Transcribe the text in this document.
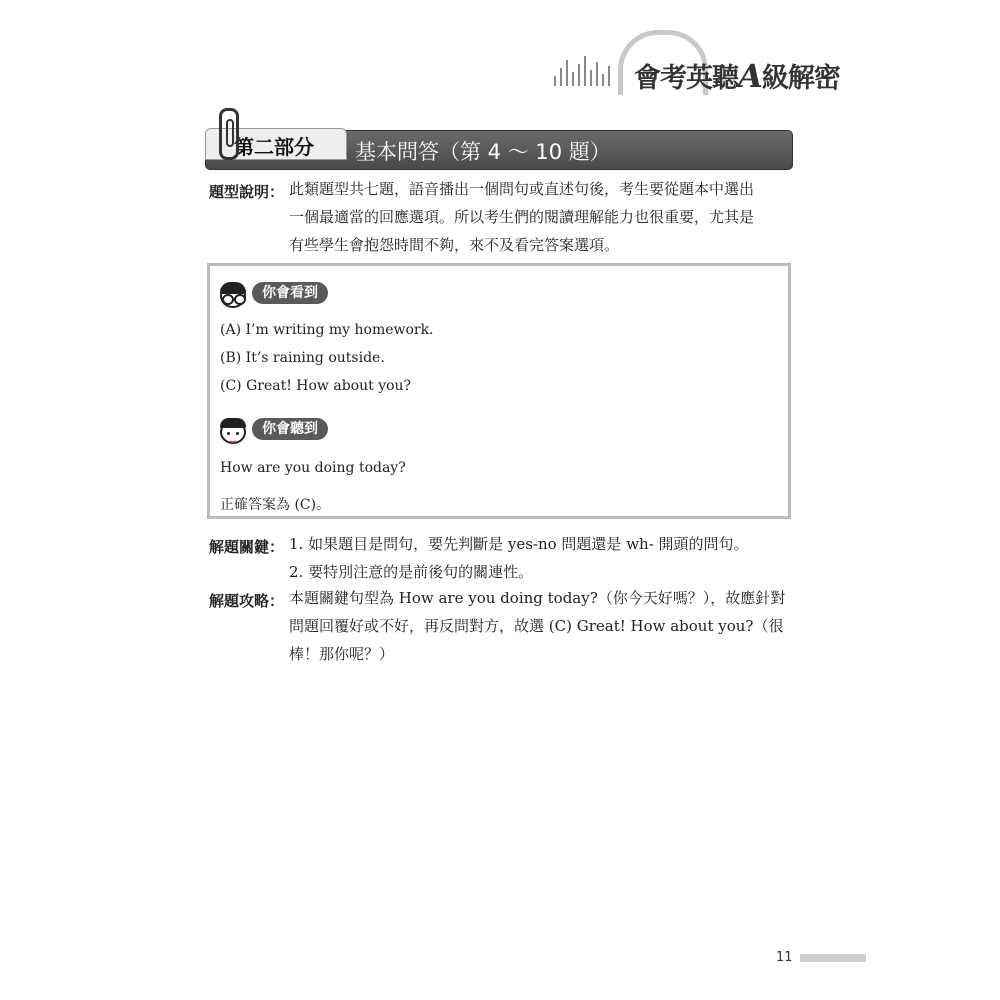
會考英聽A級解密
第二部分 基本問答（第 4 ～ 10 題）
題型說明： 此類題型共七題，語音播出一個問句或直述句後，考生要從題本中選出
一個最適當的回應選項。所以考生們的閱讀理解能力也很重要，尤其是
有些學生會抱怨時間不夠，來不及看完答案選項。
你會看到
(A) I’m writing my homework.
(B) It’s raining outside.
(C) Great! How about you?
你會聽到
How are you doing today?
正確答案為 (C)。
解題關鍵： 1. 如果題目是問句，要先判斷是 yes-no 問題還是 wh- 開頭的問句。
2. 要特別注意的是前後句的關連性。
解題攻略： 本題關鍵句型為 How are you doing today?（你今天好嗎？），故應針對
問題回覆好或不好，再反問對方，故選 (C) Great! How about you?（很
棒！那你呢？）
11
